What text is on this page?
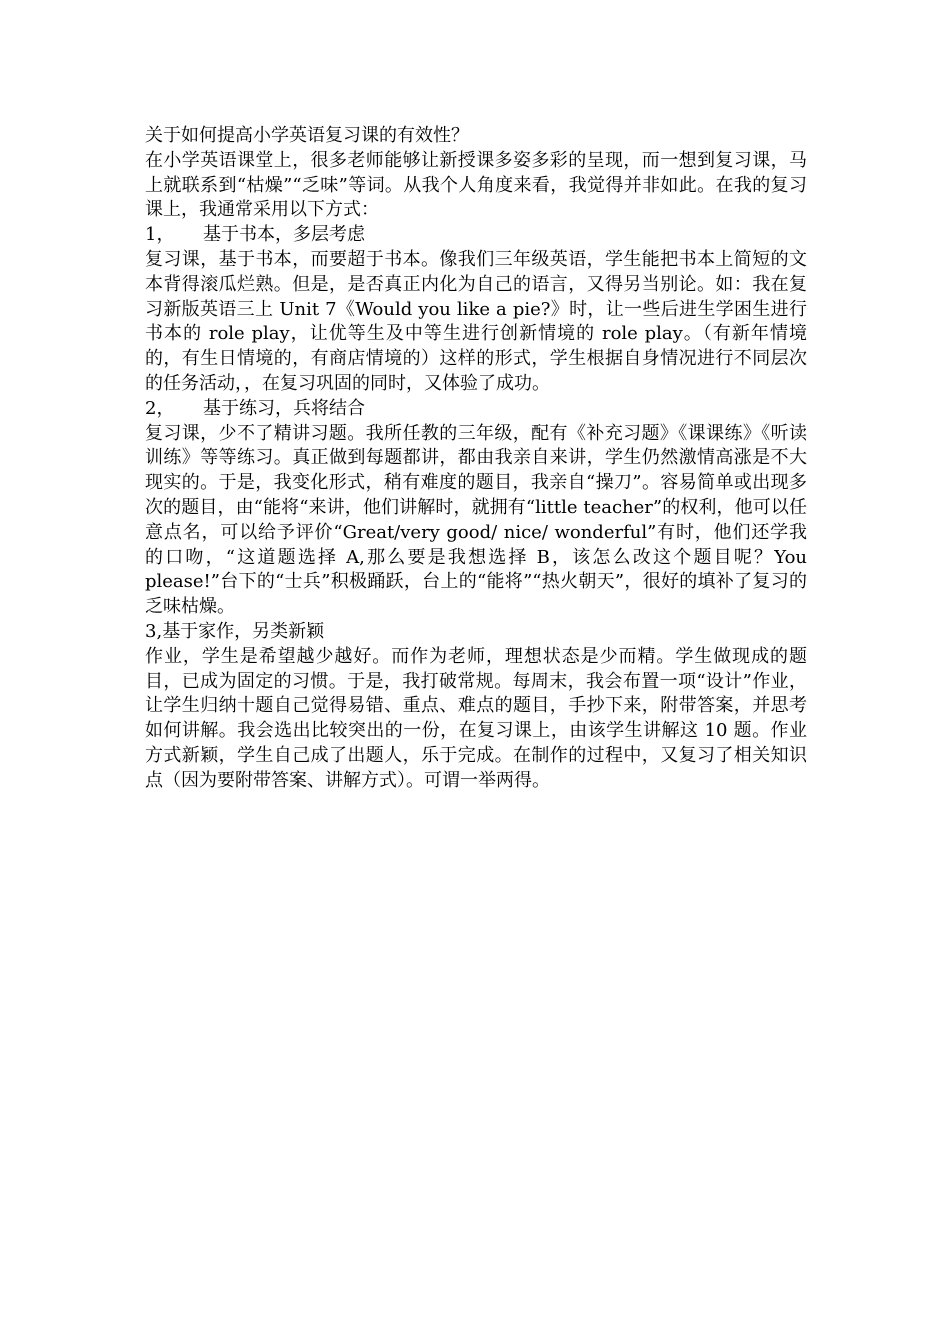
关于如何提高小学英语复习课的有效性？

在小学英语课堂上，很多老师能够让新授课多姿多彩的呈现，而一想到复习课，马上就联系到“枯燥”“乏味”等词。从我个人角度来看，我觉得并非如此。在我的复习课上，我通常采用以下方式：

1， 基于书本，多层考虑

复习课，基于书本，而要超于书本。像我们三年级英语，学生能把书本上简短的文本背得滚瓜烂熟。但是，是否真正内化为自己的语言，又得另当别论。如：我在复习新版英语三上 Unit 7《Would you like a pie?》时，让一些后进生学困生进行书本的 role play，让优等生及中等生进行创新情境的 role play。（有新年情境的，有生日情境的，有商店情境的）这样的形式，学生根据自身情况进行不同层次的任务活动，，在复习巩固的同时，又体验了成功。

2， 基于练习，兵将结合

复习课，少不了精讲习题。我所任教的三年级，配有《补充习题》《课课练》《听读训练》等等练习。真正做到每题都讲，都由我亲自来讲，学生仍然激情高涨是不大现实的。于是，我变化形式，稍有难度的题目，我亲自“操刀”。容易简单或出现多次的题目，由“能将“来讲，他们讲解时，就拥有“little teacher”的权利，他可以任意点名，可以给予评价“Great/very good/ nice/ wonderful”有时，他们还学我的口吻，“这道题选择 A,那么要是我想选择 B，该怎么改这个题目呢？You please!”台下的“士兵”积极踊跃，台上的“能将”“热火朝天”，很好的填补了复习的乏味枯燥。

3,基于家作，另类新颖

作业，学生是希望越少越好。而作为老师，理想状态是少而精。学生做现成的题目，已成为固定的习惯。于是，我打破常规。每周末，我会布置一项“设计”作业，让学生归纳十题自己觉得易错、重点、难点的题目，手抄下来，附带答案，并思考如何讲解。我会选出比较突出的一份，在复习课上，由该学生讲解这 10 题。作业方式新颖，学生自己成了出题人，乐于完成。在制作的过程中，又复习了相关知识点（因为要附带答案、讲解方式）。可谓一举两得。
